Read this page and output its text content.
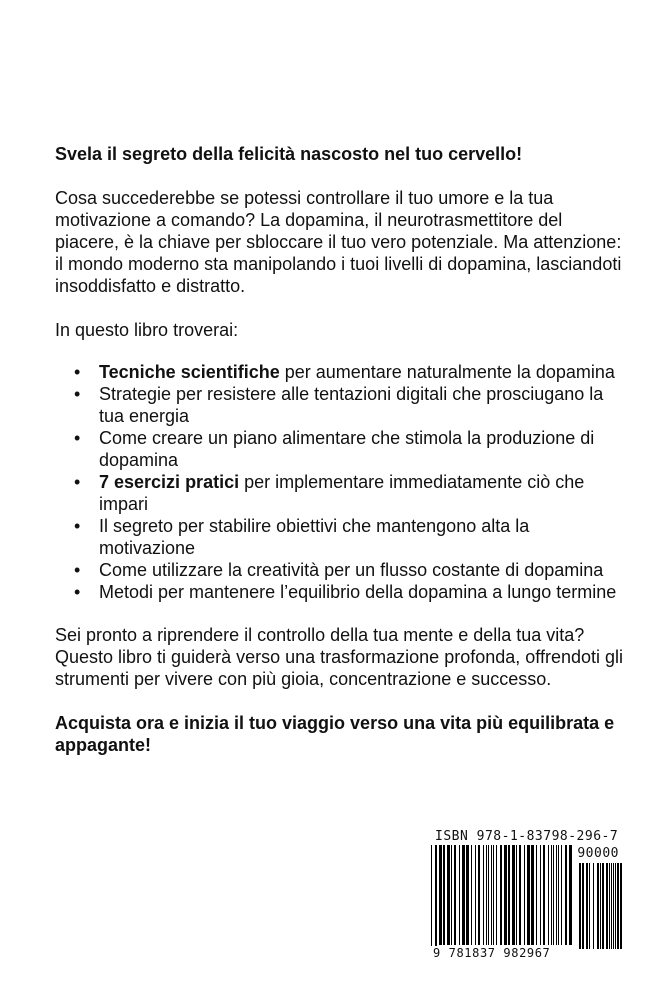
Svela il segreto della felicità nascosto nel tuo cervello!

Cosa succederebbe se potessi controllare il tuo umore e la tua motivazione a comando? La dopamina, il neurotrasmettitore del piacere, è la chiave per sbloccare il tuo vero potenziale. Ma attenzione: il mondo moderno sta manipolando i tuoi livelli di dopamina, lasciandoti insoddisfatto e distratto.

In questo libro troverai:

• Tecniche scientifiche per aumentare naturalmente la dopamina
• Strategie per resistere alle tentazioni digitali che prosciugano la tua energia
• Come creare un piano alimentare che stimola la produzione di dopamina
• 7 esercizi pratici per implementare immediatamente ciò che impari
• Il segreto per stabilire obiettivi che mantengono alta la motivazione
• Come utilizzare la creatività per un flusso costante di dopamina
• Metodi per mantenere l’equilibrio della dopamina a lungo termine

Sei pronto a riprendere il controllo della tua mente e della tua vita? Questo libro ti guiderà verso una trasformazione profonda, offrendoti gli strumenti per vivere con più gioia, concentrazione e successo.

Acquista ora e inizia il tuo viaggio verso una vita più equilibrata e appagante!

ISBN 978-1-83798-296-7
90000
9 781837 982967
